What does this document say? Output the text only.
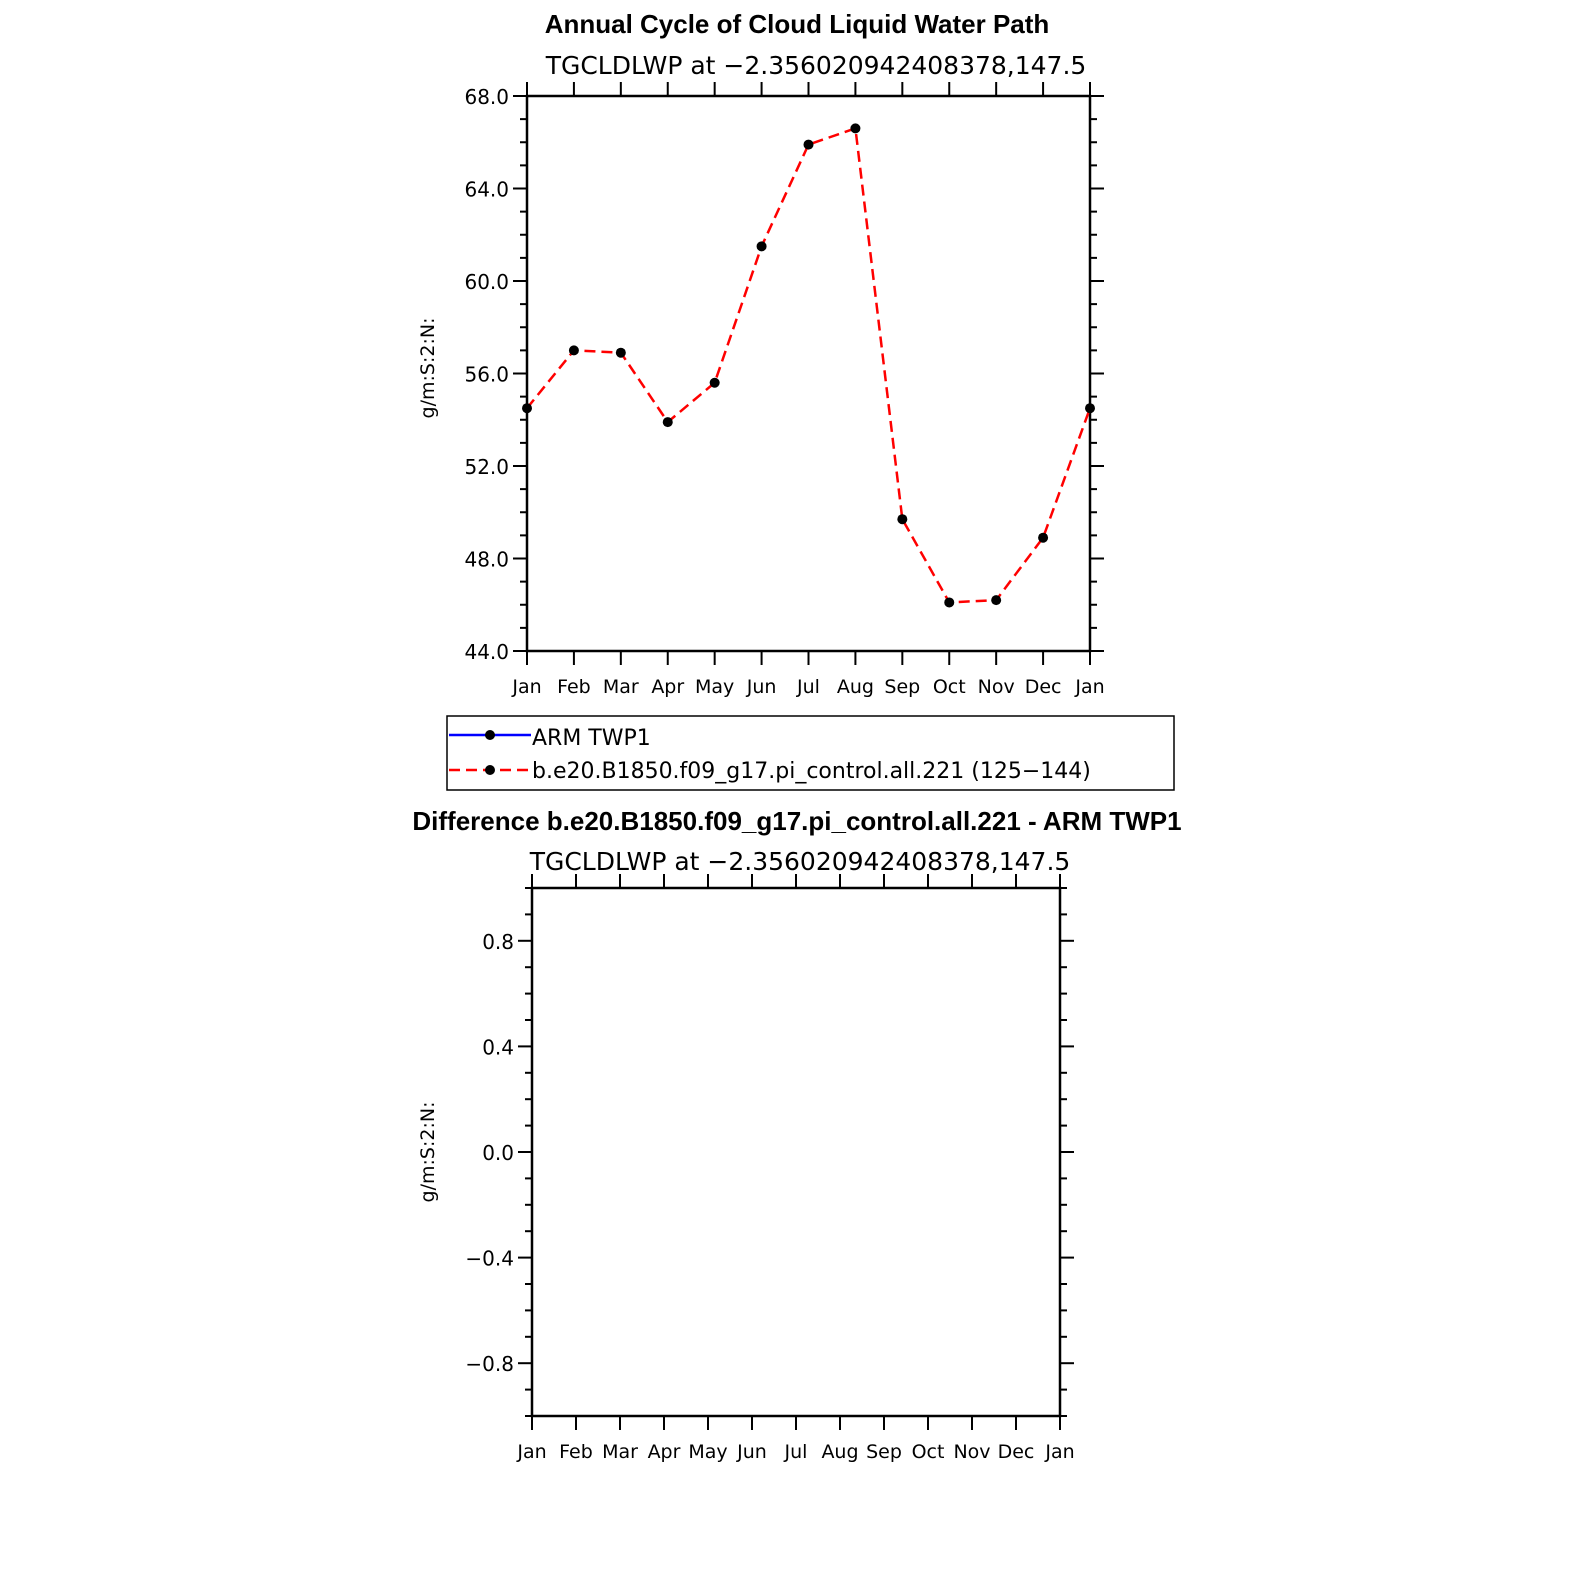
Annual Cycle of Cloud Liquid Water Path
TGCLDLWP at −2.356020942408378,147.5
g/m:S:2:N:
44.0
48.0
52.0
56.0
60.0
64.0
68.0
Jan Feb Mar Apr May Jun Jul Aug Sep Oct Nov Dec Jan
ARM TWP1
b.e20.B1850.f09_g17.pi_control.all.221 (125−144)
Difference b.e20.B1850.f09_g17.pi_control.all.221 - ARM TWP1
TGCLDLWP at −2.356020942408378,147.5
g/m:S:2:N:
−0.8
−0.4
0.0
0.4
0.8
Jan Feb Mar Apr May Jun Jul Aug Sep Oct Nov Dec Jan
